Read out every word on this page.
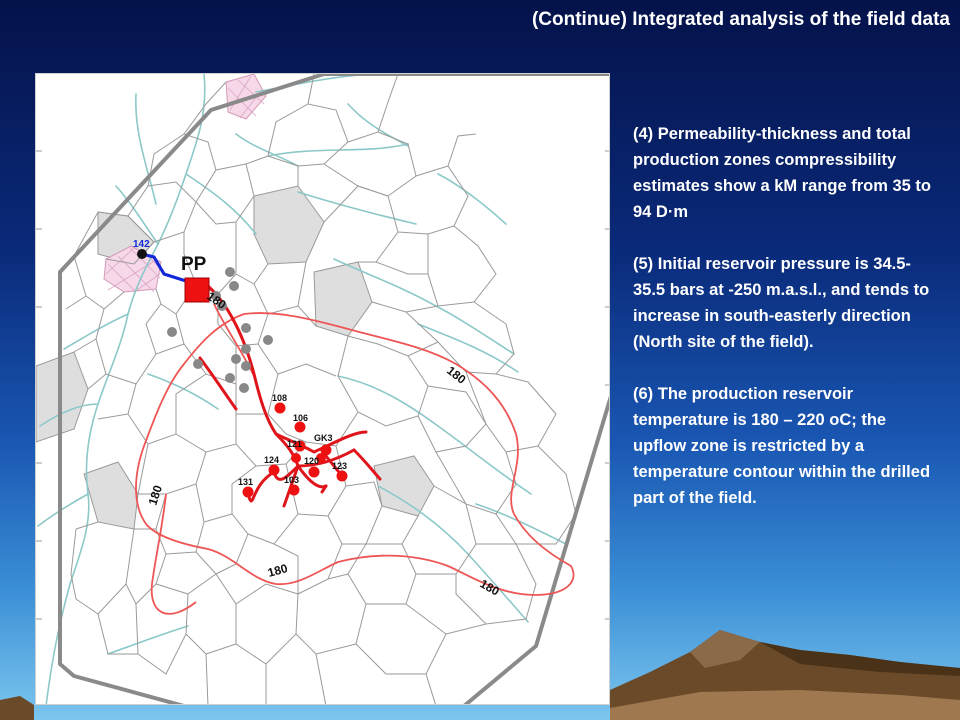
(Continue) Integrated analysis of the field data
PP
142
108
106
121
GK3
124	120 123
131	103
180
180
180
180
180

(4) Permeability-thickness and total production zones compressibility estimates show a kM range from 35 to 94 D·m

(5) Initial reservoir pressure is 34.5-35.5 bars at -250 m.a.s.l., and tends to increase in south-easterly direction (North site of the field).

(6) The production reservoir temperature is 180 – 220 oC; the upflow zone is restricted by a temperature contour within the drilled part of the field.
